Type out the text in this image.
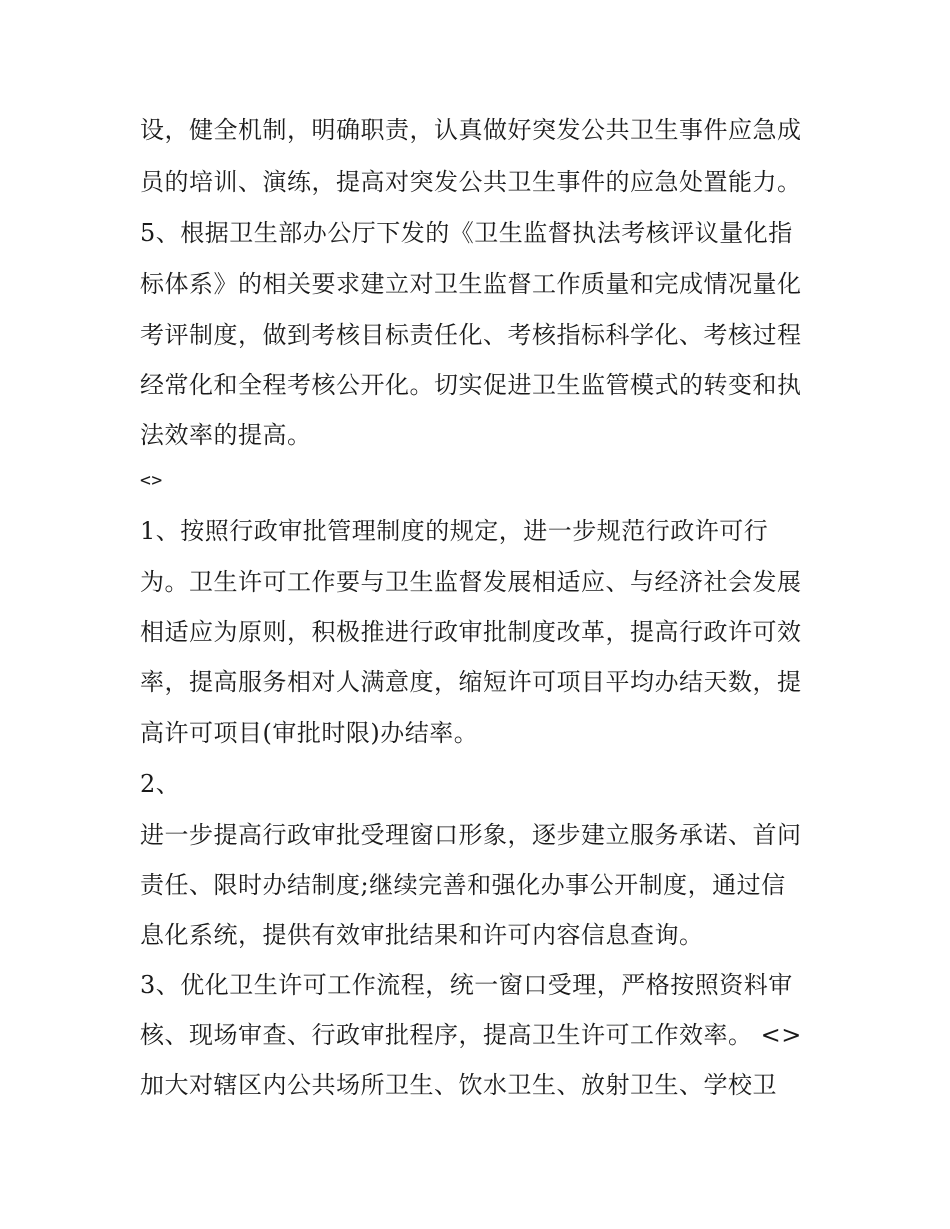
设，健全机制，明确职责，认真做好突发公共卫生事件应急成
员的培训、演练，提高对突发公共卫生事件的应急处置能力。
5、根据卫生部办公厅下发的《卫生监督执法考核评议量化指
标体系》的相关要求建立对卫生监督工作质量和完成情况量化
考评制度，做到考核目标责任化、考核指标科学化、考核过程
经常化和全程考核公开化。切实促进卫生监管模式的转变和执
法效率的提高。
<>
1、按照行政审批管理制度的规定，进一步规范行政许可行
为。卫生许可工作要与卫生监督发展相适应、与经济社会发展
相适应为原则，积极推进行政审批制度改革，提高行政许可效
率，提高服务相对人满意度，缩短许可项目平均办结天数，提
高许可项目(审批时限)办结率。
2、
进一步提高行政审批受理窗口形象，逐步建立服务承诺、首问
责任、限时办结制度;继续完善和强化办事公开制度，通过信
息化系统，提供有效审批结果和许可内容信息查询。
3、优化卫生许可工作流程，统一窗口受理，严格按照资料审
核、现场审查、行政审批程序，提高卫生许可工作效率。 <>
加大对辖区内公共场所卫生、饮水卫生、放射卫生、学校卫
